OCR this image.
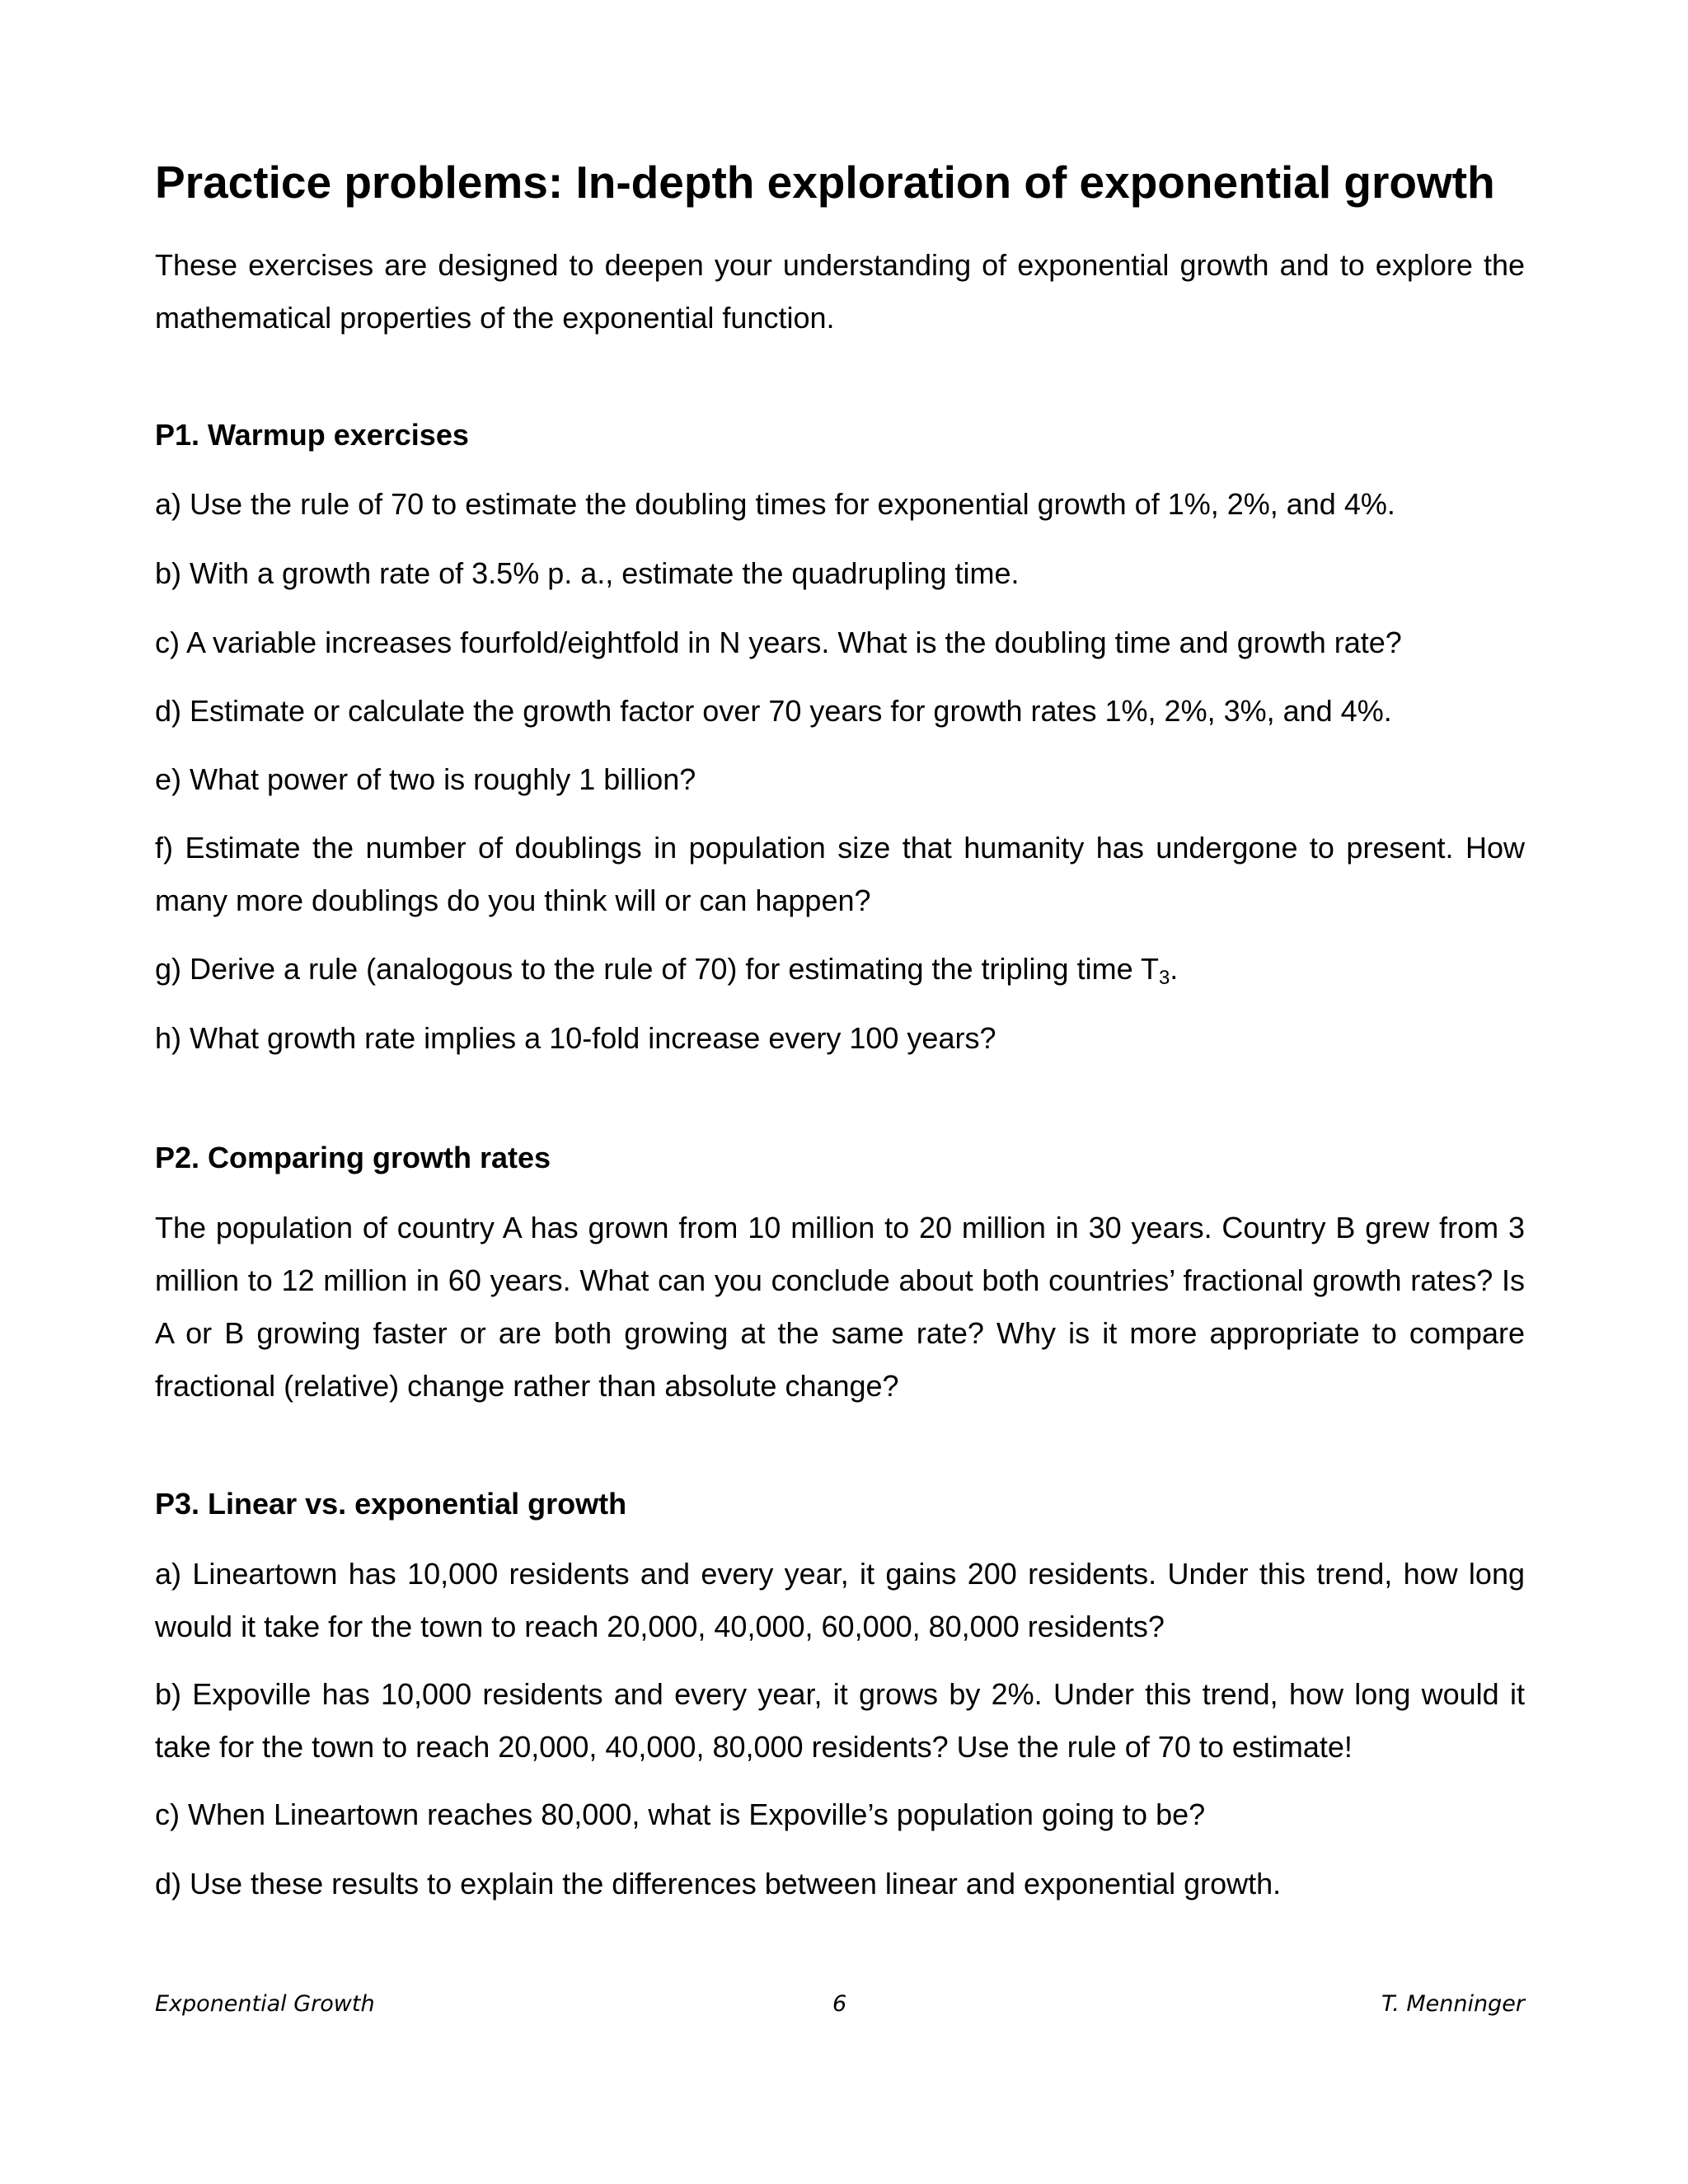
Practice problems: In-depth exploration of exponential growth

These exercises are designed to deepen your understanding of exponential growth and to explore the mathematical properties of the exponential function.

P1. Warmup exercises

a) Use the rule of 70 to estimate the doubling times for exponential growth of 1%, 2%, and 4%.

b) With a growth rate of 3.5% p. a., estimate the quadrupling time.

c) A variable increases fourfold/eightfold in N years. What is the doubling time and growth rate?

d) Estimate or calculate the growth factor over 70 years for growth rates 1%, 2%, 3%, and 4%.

e) What power of two is roughly 1 billion?

f) Estimate the number of doublings in population size that humanity has undergone to present. How many more doublings do you think will or can happen?

g) Derive a rule (analogous to the rule of 70) for estimating the tripling time $T_3$.

h) What growth rate implies a 10-fold increase every 100 years?

P2. Comparing growth rates

The population of country A has grown from 10 million to 20 million in 30 years. Country B grew from 3 million to 12 million in 60 years. What can you conclude about both countries’ fractional growth rates? Is A or B growing faster or are both growing at the same rate? Why is it more appropriate to compare fractional (relative) change rather than absolute change?

P3. Linear vs. exponential growth

a) Lineartown has 10,000 residents and every year, it gains 200 residents. Under this trend, how long would it take for the town to reach 20,000, 40,000, 60,000, 80,000 residents?

b) Expoville has 10,000 residents and every year, it grows by 2%. Under this trend, how long would it take for the town to reach 20,000, 40,000, 80,000 residents? Use the rule of 70 to estimate!

c) When Lineartown reaches 80,000, what is Expoville’s population going to be?

d) Use these results to explain the differences between linear and exponential growth.

Exponential Growth	6	T. Menninger
